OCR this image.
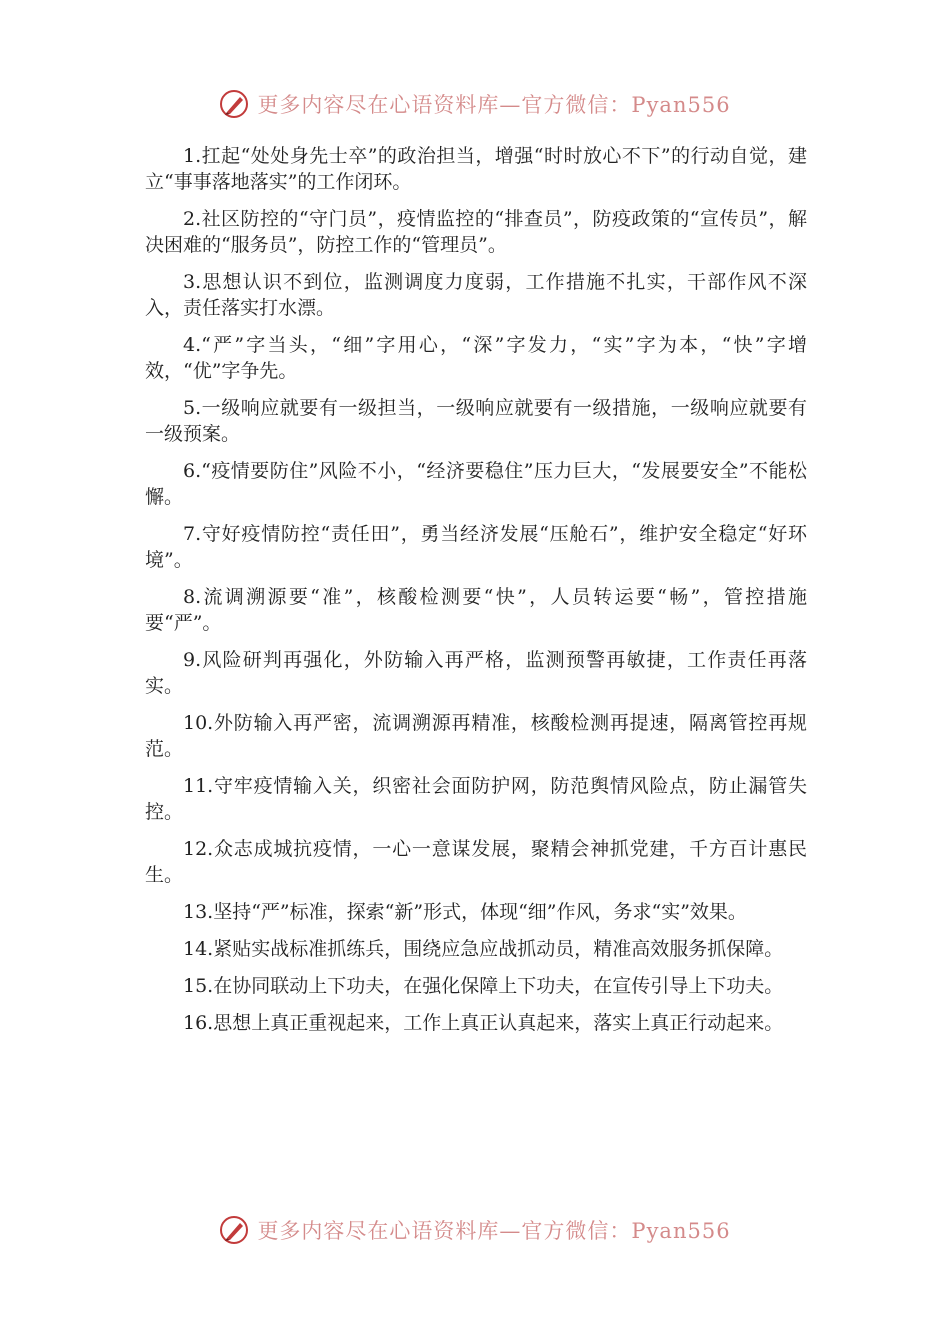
更多内容尽在心语资料库—官方微信：Pyan556

1.扛起“处处身先士卒”的政治担当，增强“时时放心不下”的行动自觉，建立“事事落地落实”的工作闭环。

2.社区防控的“守门员”，疫情监控的“排查员”，防疫政策的“宣传员”，解决困难的“服务员”，防控工作的“管理员”。

3.思想认识不到位，监测调度力度弱，工作措施不扎实，干部作风不深入，责任落实打水漂。

4.“严”字当头，“细”字用心，“深”字发力，“实”字为本，“快”字增效，“优”字争先。

5.一级响应就要有一级担当，一级响应就要有一级措施，一级响应就要有一级预案。

6.“疫情要防住”风险不小，“经济要稳住”压力巨大，“发展要安全”不能松懈。

7.守好疫情防控“责任田”，勇当经济发展“压舱石”，维护安全稳定“好环境”。

8.流调溯源要“准”，核酸检测要“快”，人员转运要“畅”，管控措施要“严”。

9.风险研判再强化，外防输入再严格，监测预警再敏捷，工作责任再落实。

10.外防输入再严密，流调溯源再精准，核酸检测再提速，隔离管控再规范。

11.守牢疫情输入关，织密社会面防护网，防范舆情风险点，防止漏管失控。

12.众志成城抗疫情，一心一意谋发展，聚精会神抓党建，千方百计惠民生。

13.坚持“严”标准，探索“新”形式，体现“细”作风，务求“实”效果。

14.紧贴实战标准抓练兵，围绕应急应战抓动员，精准高效服务抓保障。

15.在协同联动上下功夫，在强化保障上下功夫，在宣传引导上下功夫。

16.思想上真正重视起来，工作上真正认真起来，落实上真正行动起来。

更多内容尽在心语资料库—官方微信：Pyan556
